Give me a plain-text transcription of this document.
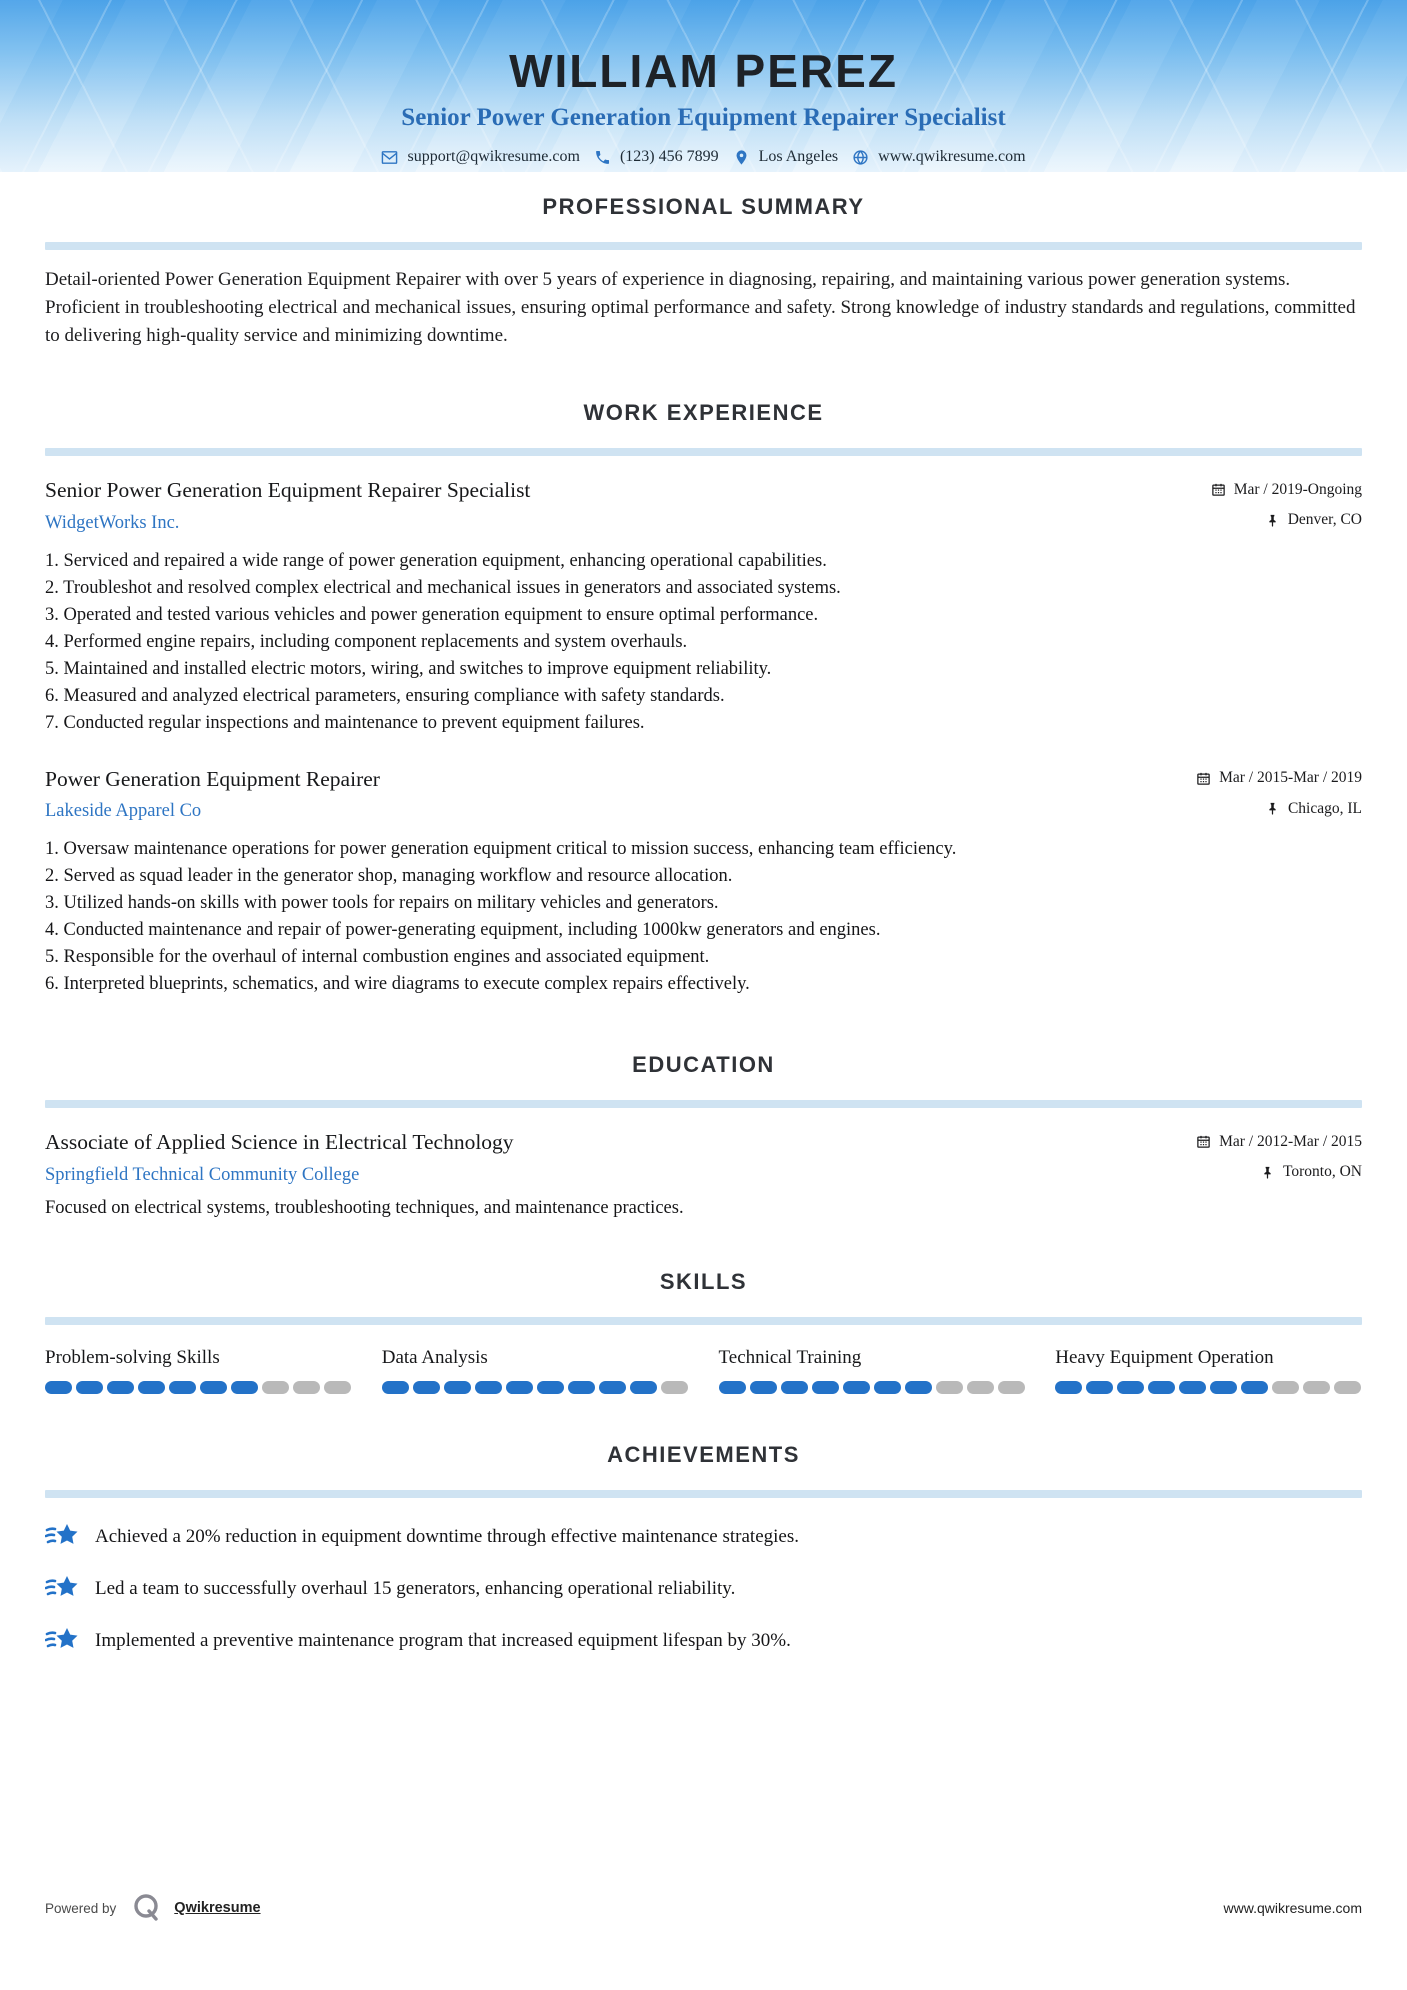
WILLIAM PEREZ
Senior Power Generation Equipment Repairer Specialist
support@qwikresume.com	(123) 456 7899	Los Angeles	www.qwikresume.com
PROFESSIONAL SUMMARY

Detail-oriented Power Generation Equipment Repairer with over 5 years of experience in diagnosing, repairing, and maintaining various power generation systems. Proficient in troubleshooting electrical and mechanical issues, ensuring optimal performance and safety. Strong knowledge of industry standards and regulations, committed to delivering high-quality service and minimizing downtime.

WORK EXPERIENCE
Senior Power Generation Equipment Repairer Specialist	Mar / 2019-Ongoing
WidgetWorks Inc.	Denver, CO
Serviced and repaired a wide range of power generation equipment, enhancing operational capabilities.
Troubleshot and resolved complex electrical and mechanical issues in generators and associated systems.
Operated and tested various vehicles and power generation equipment to ensure optimal performance.
Performed engine repairs, including component replacements and system overhauls.
Maintained and installed electric motors, wiring, and switches to improve equipment reliability.
Measured and analyzed electrical parameters, ensuring compliance with safety standards.
Conducted regular inspections and maintenance to prevent equipment failures.
Power Generation Equipment Repairer	Mar / 2015-Mar / 2019
Lakeside Apparel Co	Chicago, IL
Oversaw maintenance operations for power generation equipment critical to mission success, enhancing team efficiency.
Served as squad leader in the generator shop, managing workflow and resource allocation.
Utilized hands-on skills with power tools for repairs on military vehicles and generators.
Conducted maintenance and repair of power-generating equipment, including 1000kw generators and engines.
Responsible for the overhaul of internal combustion engines and associated equipment.
Interpreted blueprints, schematics, and wire diagrams to execute complex repairs effectively.
EDUCATION
Associate of Applied Science in Electrical Technology	Mar / 2012-Mar / 2015
Springfield Technical Community College	Toronto, ON
Focused on electrical systems, troubleshooting techniques, and maintenance practices.
SKILLS
Problem-solving Skills	Data Analysis	Technical Training	Heavy Equipment Operation
ACHIEVEMENTS
Achieved a 20% reduction in equipment downtime through effective maintenance strategies.
Led a team to successfully overhaul 15 generators, enhancing operational reliability.
Implemented a preventive maintenance program that increased equipment lifespan by 30%.
Powered by	Qwikresume	www.qwikresume.com
